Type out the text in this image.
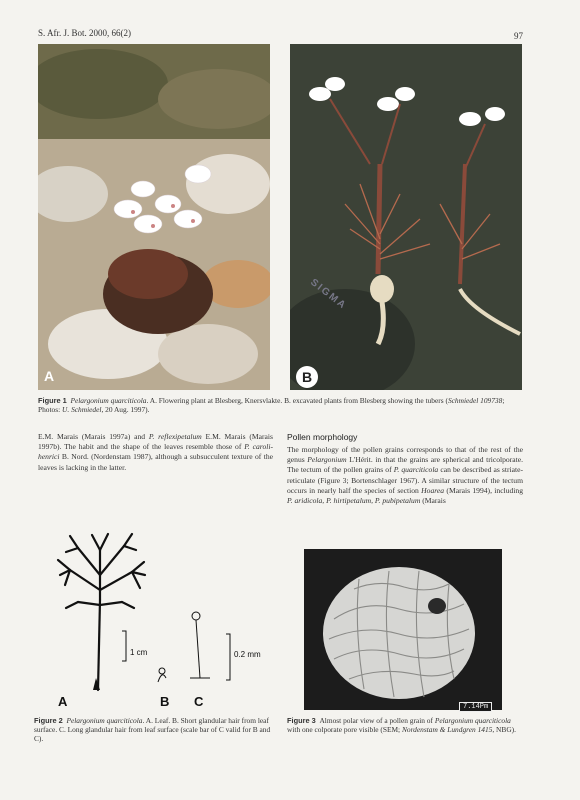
S. Afr. J. Bot. 2000, 66(2)	97
A
SIGMA
B
Figure 1 Pelargonium quarciticola. A. Flowering plant at Blesberg, Knersvlakte. B. excavated plants from Blesberg showing the tubers (Schmiedel 109738; Photos: U. Schmiedel, 20 Aug. 1997).
E.M. Marais (Marais 1997a) and P. reflexipetalum E.M. Marais (Marais 1997b). The habit and the shape of the leaves resemble those of P. caroli-henrici B. Nord. (Nordenstam 1987), although a subsucculent texture of the leaves is lacking in the latter.
Pollen morphology
The morphology of the pollen grains corresponds to that of the rest of the genus Pelargonium L'Hérit. in that the grains are spherical and tricolporate. The tectum of the pollen grains of P. quarciticola can be described as striate-reticulate (Figure 3; Bortenschlager 1967). A similar structure of the tectum occurs in nearly half the species of section Hoarea (Marais 1994), including P. aridicola, P. hirtipetalum, P. pubipetalum (Marais
1 cm	0.2 mm
A	B C
Figure 2 Pelargonium quarciticola. A. Leaf. B. Short glandular hair from leaf surface. C. Long glandular hair from leaf surface (scale bar of C valid for B and C).
7.14Pm
Figure 3 Almost polar view of a pollen grain of Pelargonium quarciticola with one colporate pore visible (SEM; Nordenstam & Lundgren 1415, NBG).
